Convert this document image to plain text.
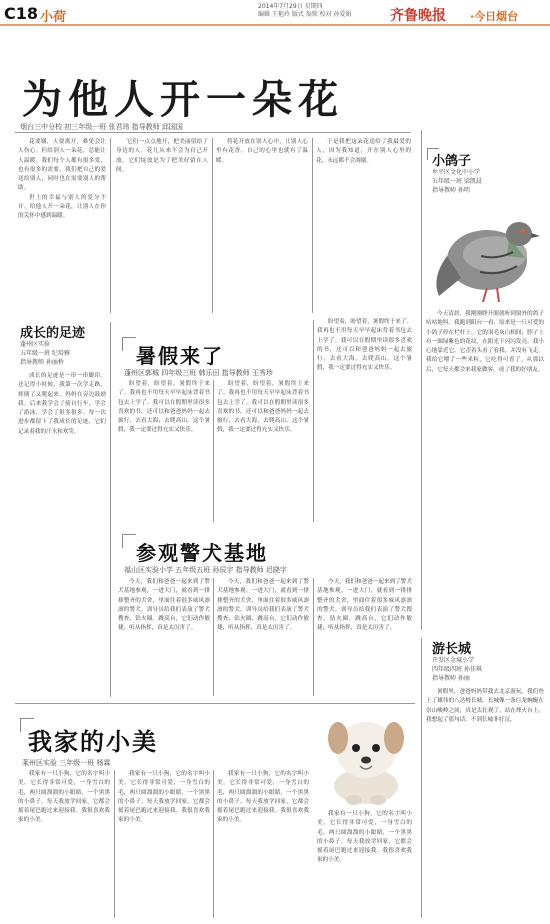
C18 小荷
2014年7月29日 星期四
编辑 王艳玲 版式 翁锁 校对 孙爱娟	齐鲁晚报 ·今日烟台
为他人开一朵花
烟台三中分校 初三年级一班 张君玮 指导教师 邱国国

花要谢，人要离开，难免会让人伤心。但给别人一朵花，总能让人温暖。我们每个人都有很多爱，也有很多的需要，我们把自己的爱送给别人，同时也在需要别人的帮助。

世上的幸福与别人的爱分不开。给他人开一朵花，让别人在你的关怀中感到温暖。

它们一点点地开，把美丽留给了身边的人。花儿从来不会为自己开放，它们绽放是为了把美好留在人间。

将花开放在别人心中，让别人心里有花香，自己的心里也就有了温暖。

于是我把这朵花送给了我最爱的人，因为我知道，开在别人心里的花，永远都不会凋谢。	小鸽子
牟平区文化中小学
五年级一班 梁凯晨
指导教师 孙明

今天清晨，我刚刚睁开眼就听到窗外的鸽子咕咕地叫。我跑到阳台一看，原来是一只可爱的小鸽子停在栏杆上。它的羽毛灰白相间，脖子上有一圈绿紫色的花纹，在阳光下闪闪发亮。我小心地靠近它，它歪着头看了看我，并没有飞走。我给它喂了一些米粒，它吃得可香了。从那以后，它每天都会来我家做客，成了我的好朋友。

成长的足迹
蓬州区实验
五年级一班 纪培雅
指导教师 孙丽桥

成长的足迹是一串一串脚印。还记得小时候，我第一次学走路，摔倒了又爬起来，妈妈在旁边鼓励我。后来我学会了骑自行车，学会了游泳，学会了很多很多。每一次进步都留下了我成长的足迹，它们记录着我的汗水和欢笑。

暑假来了
蓬州区郭城 四年级三班 韩乐田 指导教师 王秀珍

盼望着，盼望着，暑假终于来了。我再也不用每天早早起床背着书包去上学了。我可以在假期里读很多喜欢的书，还可以和爸爸妈妈一起去旅行，去看大海，去爬高山。这个暑假，我一定要过得充实又快乐。

盼望着，盼望着，暑假终于来了。我再也不用每天早早起床背着书包去上学了。我可以在假期里读很多喜欢的书，还可以和爸爸妈妈一起去旅行，去看大海，去爬高山。这个暑假，我一定要过得充实又快乐。

盼望着，盼望着，暑假终于来了。我再也不用每天早早起床背着书包去上学了。我可以在假期里读很多喜欢的书，还可以和爸爸妈妈一起去旅行，去看大海，去爬高山。这个暑假，我一定要过得充实又快乐。

参观警犬基地
福山区实验小学 五年级五班 孙辰宇 指导教师 迟晓宇

今天，我们和爸爸一起来到了警犬基地参观。一进大门，就看到一排排整齐的犬舍，里面住着很多威风凛凛的警犬。训导员给我们表演了警犬搜查、钻火圈、跳高台，它们动作敏捷，听从指挥，真是太厉害了。

今天，我们和爸爸一起来到了警犬基地参观。一进大门，就看到一排排整齐的犬舍，里面住着很多威风凛凛的警犬。训导员给我们表演了警犬搜查、钻火圈、跳高台，它们动作敏捷，听从指挥，真是太厉害了。

今天，我们和爸爸一起来到了警犬基地参观。一进大门，就看到一排排整齐的犬舍，里面住着很多威风凛凛的警犬。训导员给我们表演了警犬搜查、钻火圈、跳高台，它们动作敏捷，听从指挥，真是太厉害了。

游长城
开发区金城小学
四年级四班 孙佳琪
指导教师 孙丽

暑假里，爸爸妈妈带我去北京游玩。我们登上了雄伟的八达岭长城。长城像一条巨龙蜿蜒在崇山峻岭之间，真是太壮观了。站在烽火台上，我想起了那句话：不到长城非好汉。

我家的小美
莱州区实验 三年级一班 杨霖

我家有一只小狗，它的名字叫小美。它长得非常可爱，一身雪白的毛，两只圆溜溜的小眼睛，一个黑黑的小鼻子。每天我放学回家，它都会摇着尾巴跑过来迎接我。我很喜欢我家的小美。

我家有一只小狗，它的名字叫小美。它长得非常可爱，一身雪白的毛，两只圆溜溜的小眼睛，一个黑黑的小鼻子。每天我放学回家，它都会摇着尾巴跑过来迎接我。我很喜欢我家的小美。

我家有一只小狗，它的名字叫小美。它长得非常可爱，一身雪白的毛，两只圆溜溜的小眼睛，一个黑黑的小鼻子。每天我放学回家，它都会摇着尾巴跑过来迎接我。我很喜欢我家的小美。

我家有一只小狗，它的名字叫小美。它长得非常可爱，一身雪白的毛，两只圆溜溜的小眼睛，一个黑黑的小鼻子。每天我放学回家，它都会摇着尾巴跑过来迎接我。我很喜欢我家的小美。
